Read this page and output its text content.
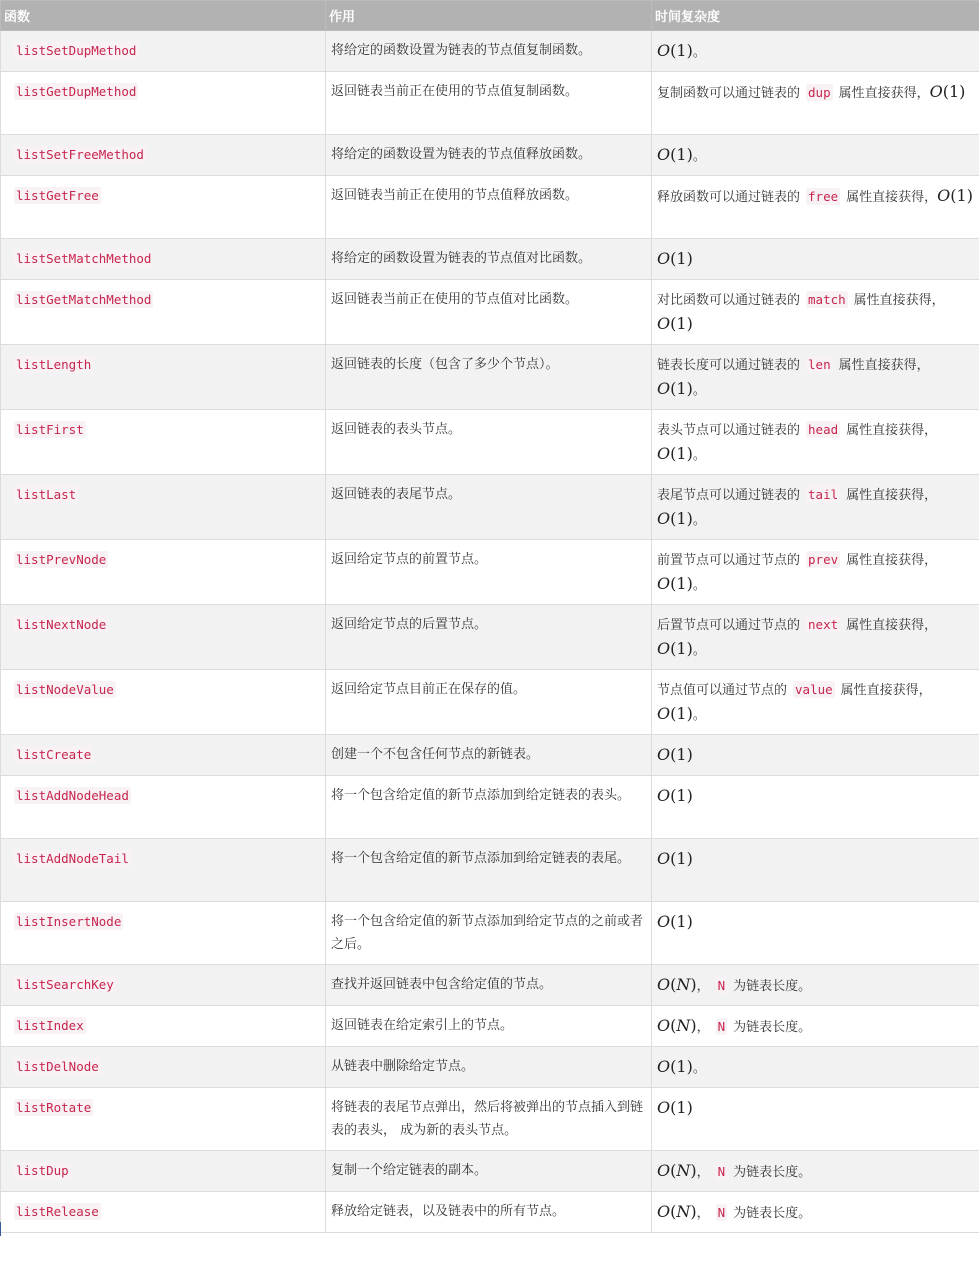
函数	作用	时间复杂度
listSetDupMethod	将给定的函数设置为链表的节点值复制函数。	O(1)。
listGetDupMethod	返回链表当前正在使用的节点值复制函数。	复制函数可以通过链表的 dup 属性直接获得，O(1)
listSetFreeMethod	将给定的函数设置为链表的节点值释放函数。	O(1)。
listGetFree	返回链表当前正在使用的节点值释放函数。	释放函数可以通过链表的 free 属性直接获得，O(1)
listSetMatchMethod	将给定的函数设置为链表的节点值对比函数。	O(1)
listGetMatchMethod	返回链表当前正在使用的节点值对比函数。	对比函数可以通过链表的 match 属性直接获得，O(1)
listLength	返回链表的长度（包含了多少个节点）。	链表长度可以通过链表的 len 属性直接获得，O(1)。
listFirst	返回链表的表头节点。	表头节点可以通过链表的 head 属性直接获得，O(1)。
listLast	返回链表的表尾节点。	表尾节点可以通过链表的 tail 属性直接获得，O(1)。
listPrevNode	返回给定节点的前置节点。	前置节点可以通过节点的 prev 属性直接获得，O(1)。
listNextNode	返回给定节点的后置节点。	后置节点可以通过节点的 next 属性直接获得，O(1)。
listNodeValue	返回给定节点目前正在保存的值。	节点值可以通过节点的 value 属性直接获得，O(1)。
listCreate	创建一个不包含任何节点的新链表。	O(1)
listAddNodeHead	将一个包含给定值的新节点添加到给定链表的表头。	O(1)
listAddNodeTail	将一个包含给定值的新节点添加到给定链表的表尾。	O(1)
listInsertNode	将一个包含给定值的新节点添加到给定节点的之前或者之后。	O(1)
listSearchKey	查找并返回链表中包含给定值的节点。	O(N)， N 为链表长度。
listIndex	返回链表在给定索引上的节点。	O(N)， N 为链表长度。
listDelNode	从链表中删除给定节点。	O(1)。
listRotate	将链表的表尾节点弹出，然后将被弹出的节点插入到链表的表头， 成为新的表头节点。	O(1)
listDup	复制一个给定链表的副本。	O(N)， N 为链表长度。
listRelease	释放给定链表，以及链表中的所有节点。	O(N)， N 为链表长度。
